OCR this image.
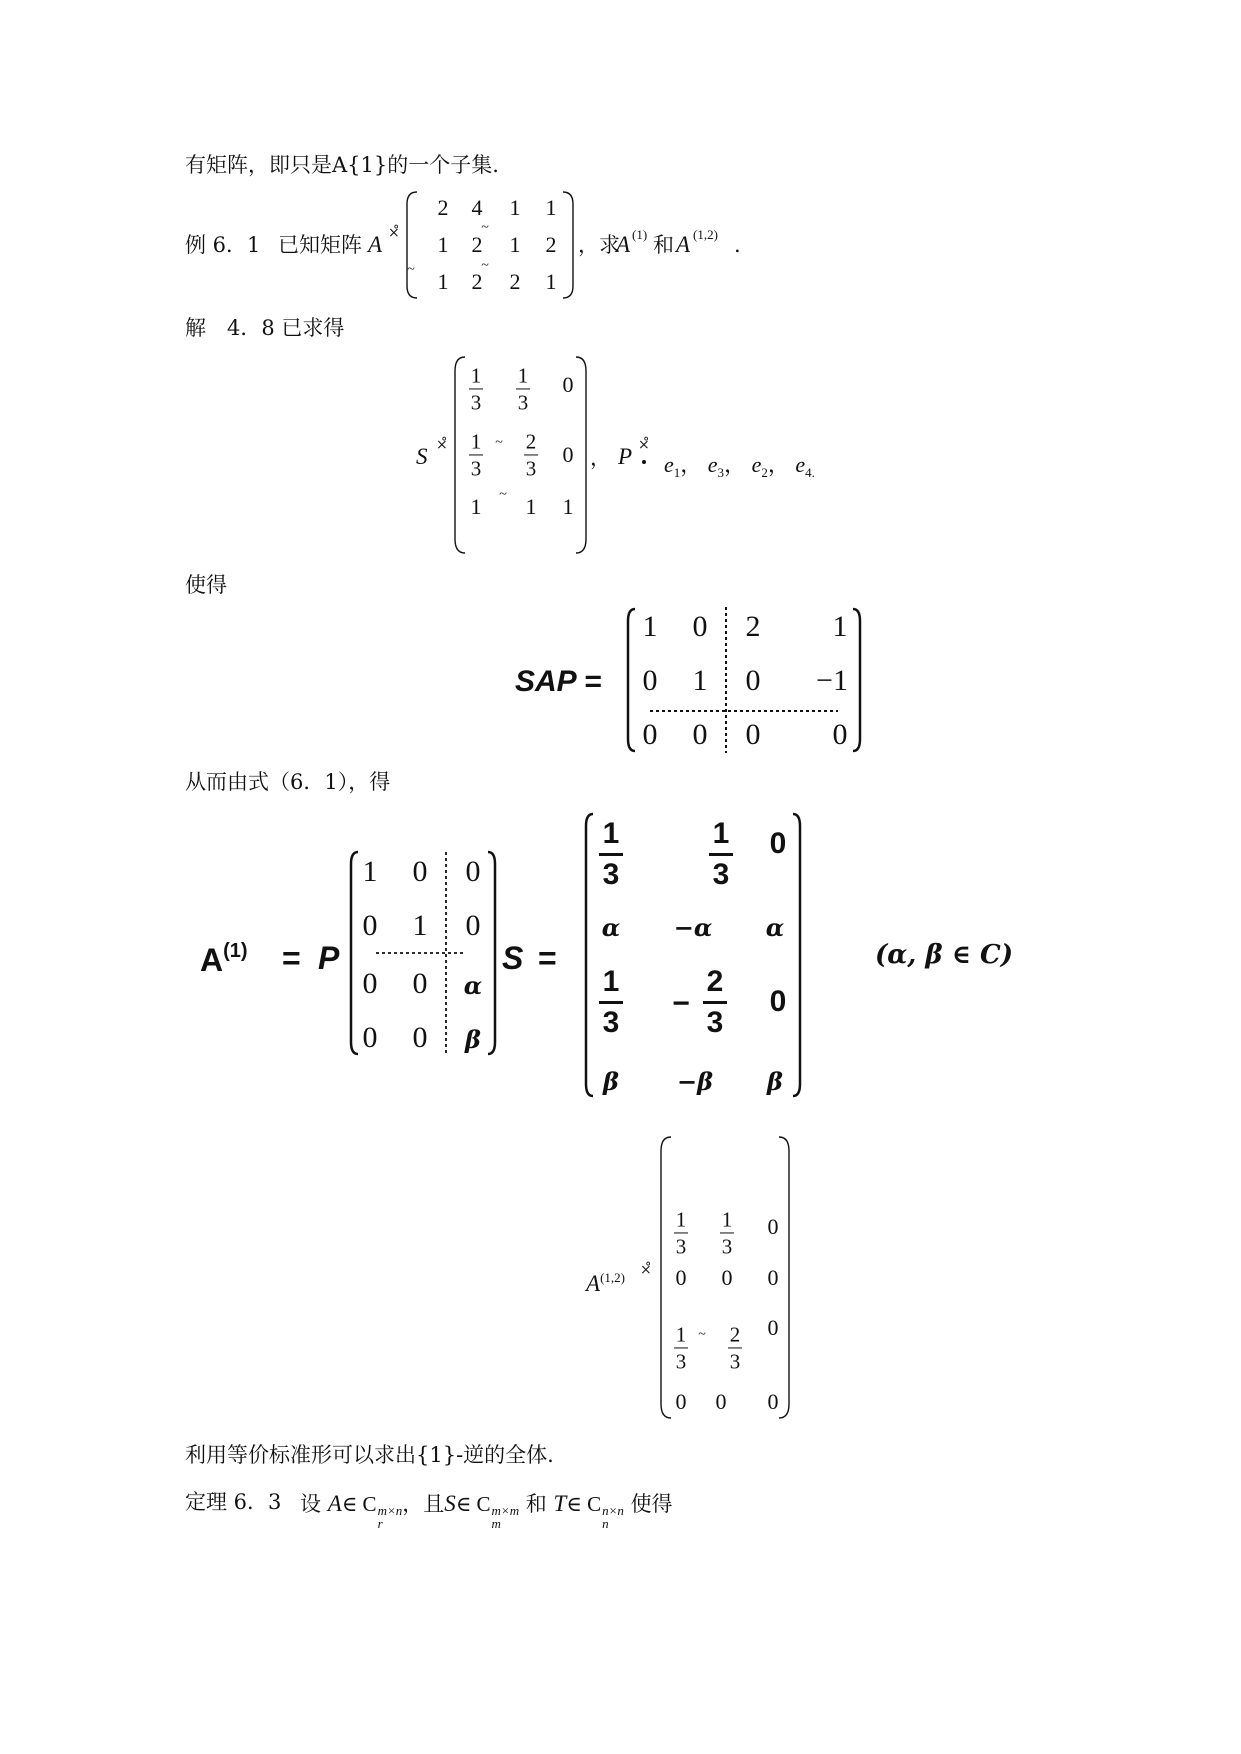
有矩阵，即只是A{1}的一个子集.
例 6．1 已知矩阵 A ×̊
2 4 1 1
1 2 1 2
1 2 2 1
~
~
~
，求
A (1) 和 A (1,2) .
解　4．8 已求得
S ×̊
1
3
1
3
0
1
3
~ 2
3
0
1 ~ 1 1
， P ×̊
$e_1$， $e_3$， $e_2$， $e_{4.}$
使得
SAP =
1 0 2 1
0 1 0 −1
0 0 0 0
从而由式（6．1），得
$A^{(1)} = P$
1 0 0
0 1 0
0 0 α
0 0 β
S =
1
3
1
3
0
α −α α
1
3
−
2
3
0
β −β β
(α, β ∈ C)
A$^{(1,2)}$ ×̊
1
3
1
3
0
0 0 0
1
3
~ 2
3
0
0 0 0
利用等价标准形可以求出{1}-逆的全体.
定理 6．3 设 A∈ C m×n
r
，且S∈ C m×m
m
和 T∈ C n×n
n
使得
